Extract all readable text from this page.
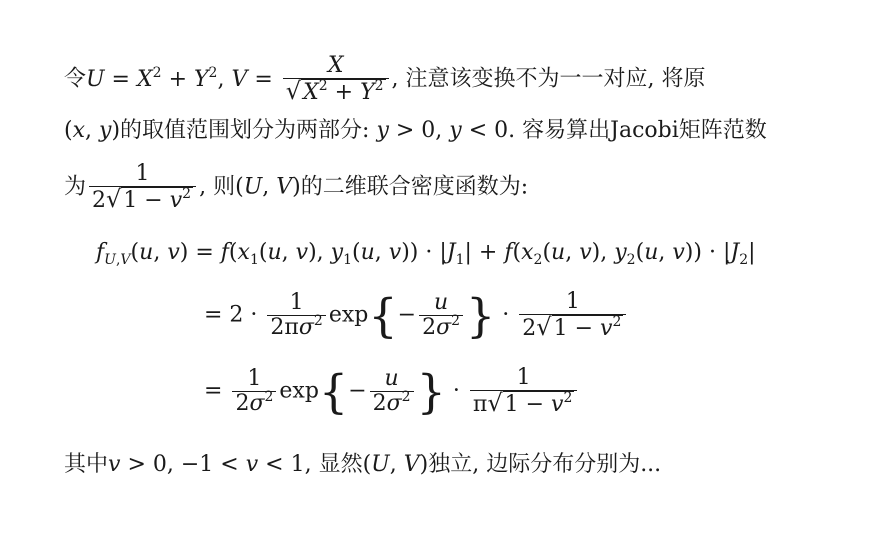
令$U = X^2 + Y^2$, $V = \frac{X}{√X^2 + Y^2}$ , 注意该变换不为一一对应, 将原
(x, y)的取值范围划分为两部分: y > 0, y < 0. 容易算出Jacobi矩阵范数
为 $\frac{1}{2√1 - v^2}$ , 则(U, V)的二维联合密度函数为:
$f_{U,V}(u$, $v) = f(x_1(u$, v), $y_1(u$, $v)) \cdot |J_1| + f(x_2(u$, v), $y_2(u$, $v)) \cdot |J_2|$
= $2 \cdot \frac{1}{2\pi\sigma^2} \exp\{- \frac{u}{2\sigma^2}$ } · $\frac{1}{2√1 - v^2}$
= $\frac{1}{2\sigma^2} \exp\{- \frac{u}{2\sigma^2}$ } · $\frac{1}{\pi√1 - v^2}$
其中v > 0, −1 < v < 1, 显然(U, V)独立, 边际分布分别为...
